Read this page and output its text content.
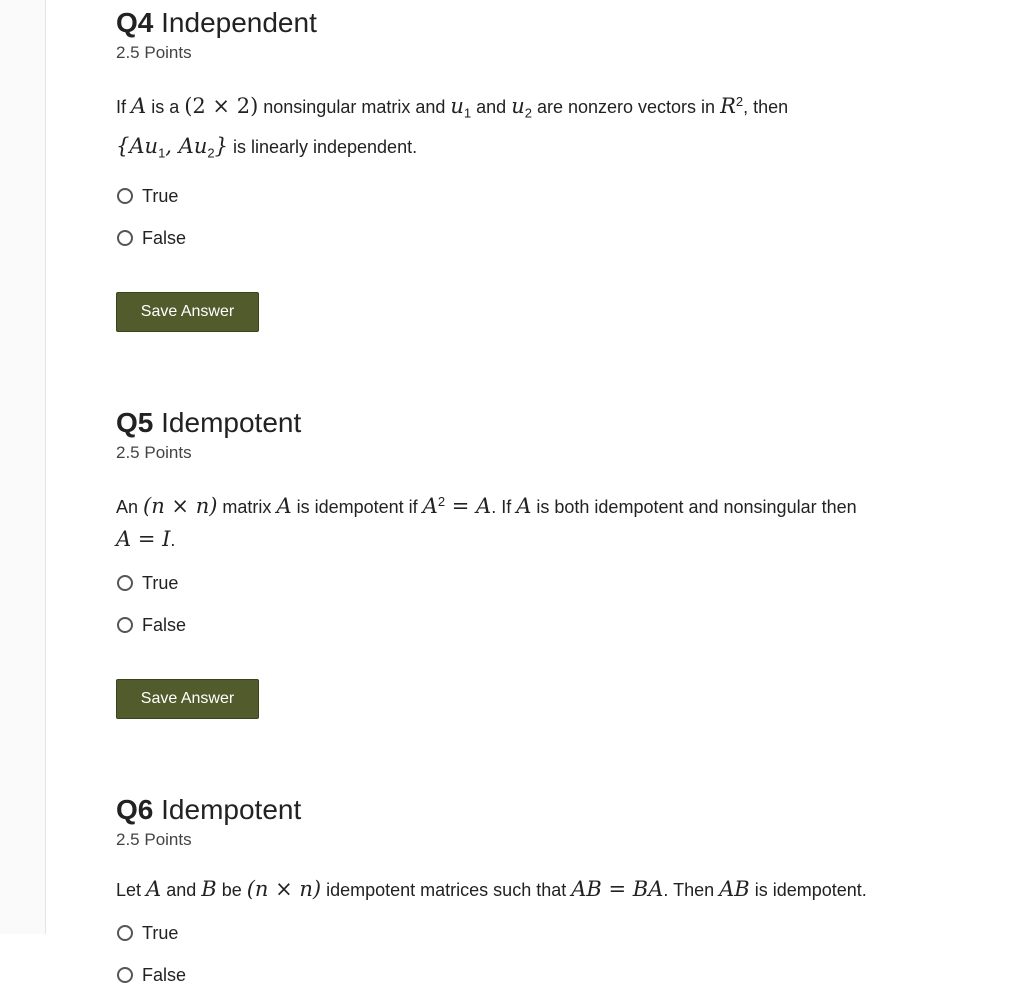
Q4 Independent
2.5 Points
If A is a (2 × 2) nonsingular matrix and $u_1$ and $u_2$ are nonzero vectors in $R^2$, then
{$Au_1$, $Au_2$} is linearly independent.
True
False
Save Answer
Q5 Idempotent
2.5 Points
An (n × n) matrix A is idempotent if $A^2 = A$. If A is both idempotent and nonsingular then
A = I.
True
False
Save Answer
Q6 Idempotent
2.5 Points
Let A and B be (n × n) idempotent matrices such that AB = BA. Then AB is idempotent.
True
False
